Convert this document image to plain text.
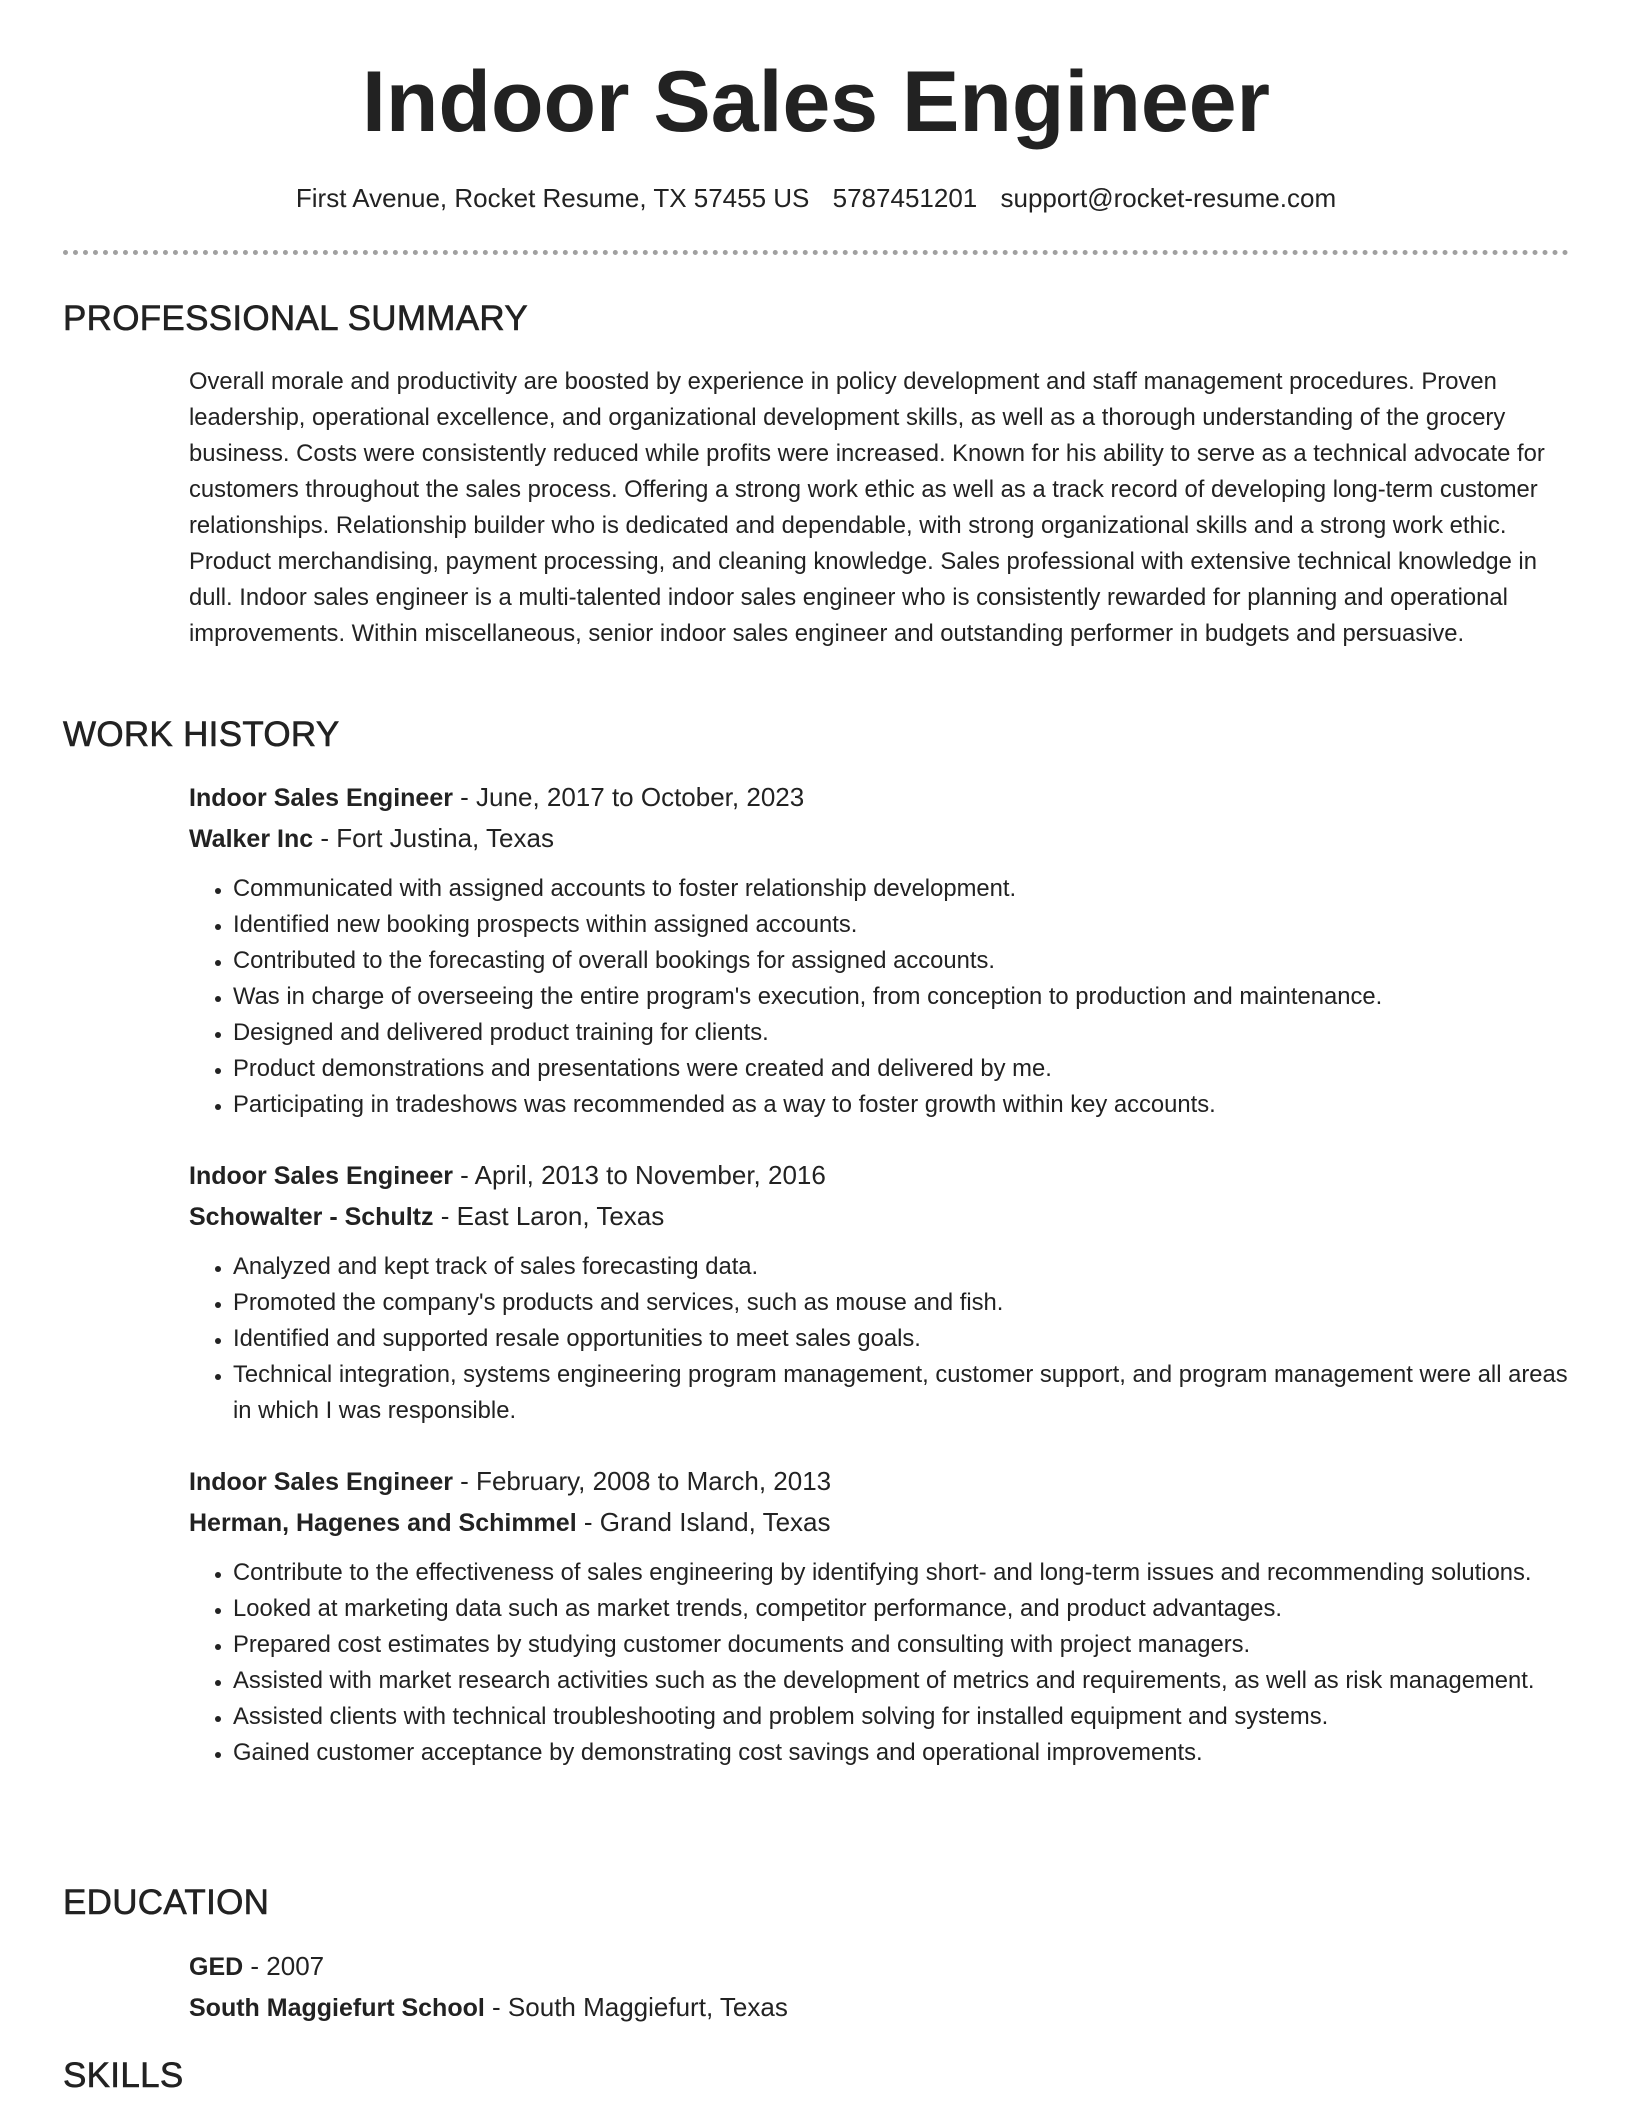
Indoor Sales Engineer
First Avenue, Rocket Resume, TX 57455 US 5787451201 support@rocket-resume.com
PROFESSIONAL SUMMARY

Overall morale and productivity are boosted by experience in policy development and staff management procedures. Proven leadership, operational excellence, and organizational development skills, as well as a thorough understanding of the grocery business. Costs were consistently reduced while profits were increased. Known for his ability to serve as a technical advocate for customers throughout the sales process. Offering a strong work ethic as well as a track record of developing long-term customer relationships. Relationship builder who is dedicated and dependable, with strong organizational skills and a strong work ethic. Product merchandising, payment processing, and cleaning knowledge. Sales professional with extensive technical knowledge in dull. Indoor sales engineer is a multi-talented indoor sales engineer who is consistently rewarded for planning and operational improvements. Within miscellaneous, senior indoor sales engineer and outstanding performer in budgets and persuasive.

WORK HISTORY
Indoor Sales Engineer - June, 2017 to October, 2023
Walker Inc - Fort Justina, Texas
• Communicated with assigned accounts to foster relationship development.
• Identified new booking prospects within assigned accounts.
• Contributed to the forecasting of overall bookings for assigned accounts.
• Was in charge of overseeing the entire program's execution, from conception to production and maintenance.
• Designed and delivered product training for clients.
• Product demonstrations and presentations were created and delivered by me.
• Participating in tradeshows was recommended as a way to foster growth within key accounts.
Indoor Sales Engineer - April, 2013 to November, 2016
Schowalter - Schultz - East Laron, Texas
• Analyzed and kept track of sales forecasting data.
• Promoted the company's products and services, such as mouse and fish.
• Identified and supported resale opportunities to meet sales goals.
• Technical integration, systems engineering program management, customer support, and program management were all areas in which I was responsible.
Indoor Sales Engineer - February, 2008 to March, 2013
Herman, Hagenes and Schimmel - Grand Island, Texas
• Contribute to the effectiveness of sales engineering by identifying short- and long-term issues and recommending solutions.
• Looked at marketing data such as market trends, competitor performance, and product advantages.
• Prepared cost estimates by studying customer documents and consulting with project managers.
• Assisted with market research activities such as the development of metrics and requirements, as well as risk management.
• Assisted clients with technical troubleshooting and problem solving for installed equipment and systems.
• Gained customer acceptance by demonstrating cost savings and operational improvements.
EDUCATION
GED - 2007
South Maggiefurt School - South Maggiefurt, Texas
SKILLS
